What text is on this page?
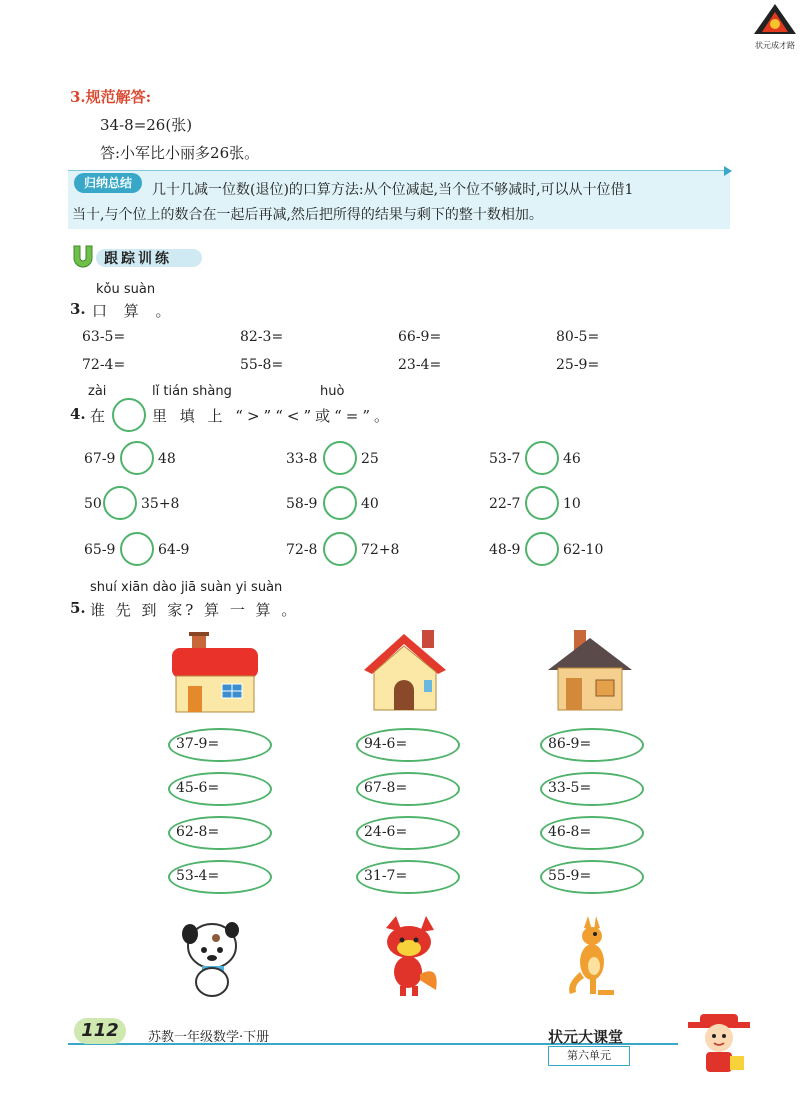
状元成才路
3.规范解答:
34-8=26(张)
答:小军比小丽多26张。
归纳总结	几十几减一位数(退位)的口算方法:从个位减起,当个位不够减时,可以从十位借1
当十,与个位上的数合在一起后再减,然后把所得的结果与剩下的整十数相加。
跟踪训练
kǒu suàn
3. 口 算 。
63-5=	82-3=	66-9=	80-5=
72-4=	55-8=	23-4=	25-9=
zài	lǐ tián shàng	huò
4. 在	里 填 上 “>”“<”或“=”。
67-9	48	33-8	25	53-7	46
50	35+8	58-9	40	22-7	10
65-9	64-9	72-8	72+8	48-9	62-10
shuí xiān dào jiā suàn yi suàn
5. 谁 先 到 家? 算 一 算 。
37-9=
45-6=
62-8=
53-4=
94-6=
67-8=
24-6=
31-7=
86-9=
33-5=
46-8=
55-9=
112	苏教一年级数学·下册	状元大课堂
第六单元
